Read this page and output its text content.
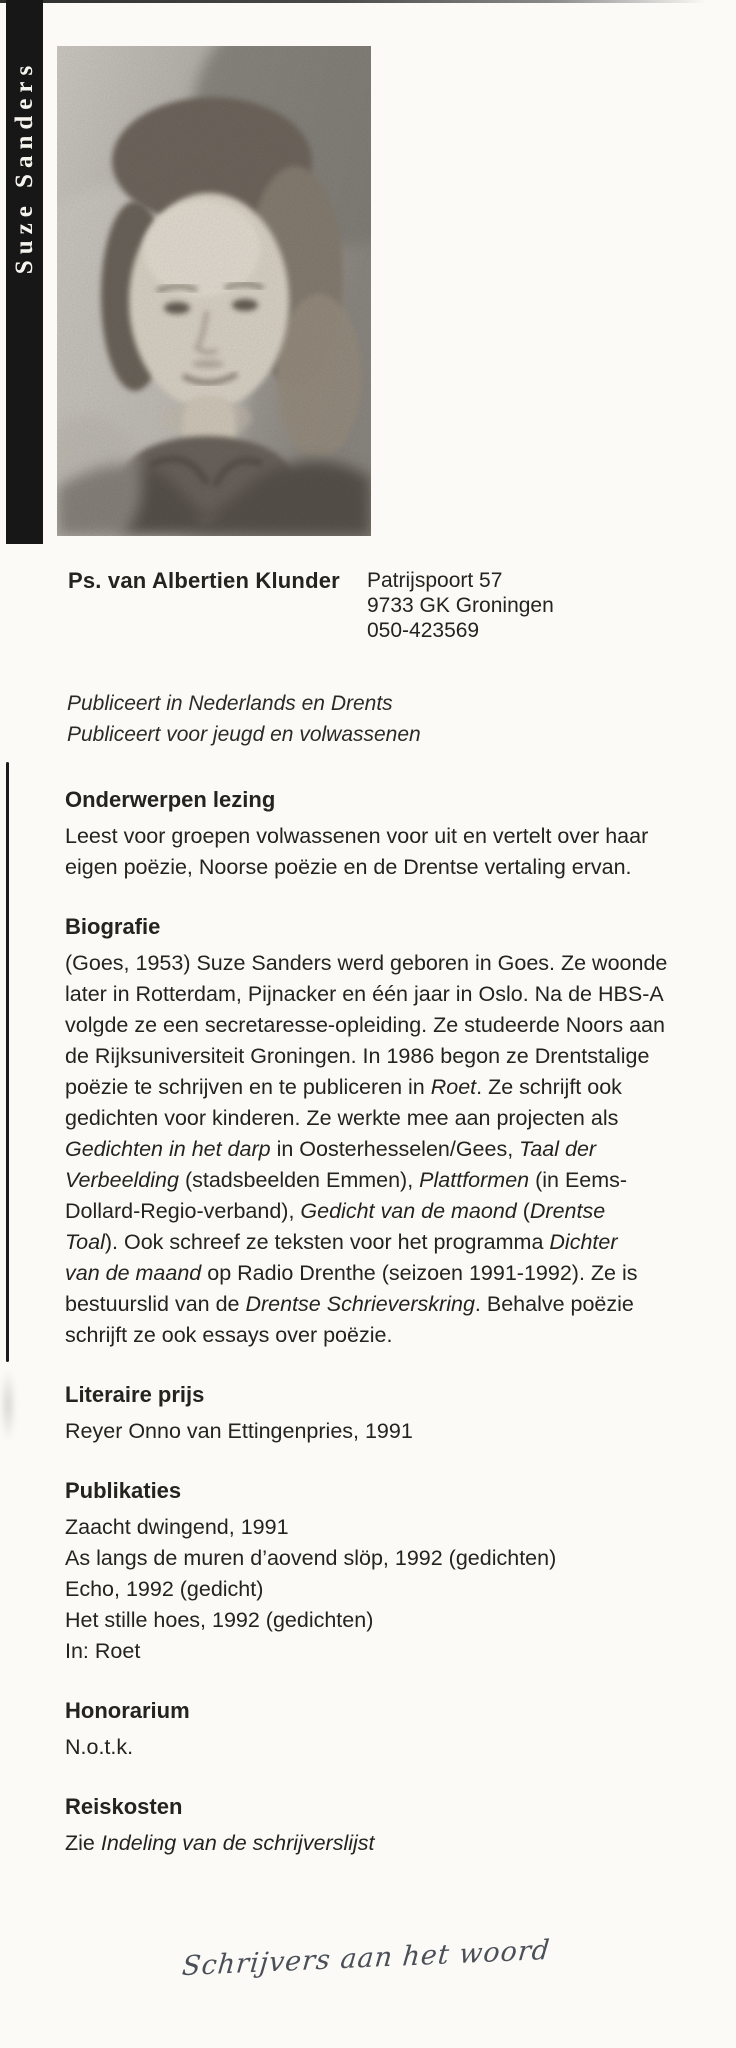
Suze Sanders
Ps. van Albertien Klunder Patrijspoort 57
9733 GK Groningen
050-423569
Publiceert in Nederlands en Drents
Publiceert voor jeugd en volwassenen
Onderwerpen lezing
Leest voor groepen volwassenen voor uit en vertelt over haar
eigen poëzie, Noorse poëzie en de Drentse vertaling ervan.
Biografie
(Goes, 1953) Suze Sanders werd geboren in Goes. Ze woonde
later in Rotterdam, Pijnacker en één jaar in Oslo. Na de HBS-A
volgde ze een secretaresse-opleiding. Ze studeerde Noors aan
de Rijksuniversiteit Groningen. In 1986 begon ze Drentstalige
poëzie te schrijven en te publiceren in Roet. Ze schrijft ook
gedichten voor kinderen. Ze werkte mee aan projecten als
Gedichten in het darp in Oosterhesselen/Gees, Taal der
Verbeelding (stadsbeelden Emmen), Plattformen (in Eems-
Dollard-Regio-verband), Gedicht van de maond (Drentse
Toal). Ook schreef ze teksten voor het programma Dichter
van de maand op Radio Drenthe (seizoen 1991-1992). Ze is
bestuurslid van de Drentse Schrieverskring. Behalve poëzie
schrijft ze ook essays over poëzie.
Literaire prijs
Reyer Onno van Ettingenpries, 1991
Publikaties
Zaacht dwingend, 1991
As langs de muren d’aovend slöp, 1992 (gedichten)
Echo, 1992 (gedicht)
Het stille hoes, 1992 (gedichten)
In: Roet
Honorarium
N.o.t.k.
Reiskosten
Zie Indeling van de schrijverslijst
Schrijvers aan het woord
